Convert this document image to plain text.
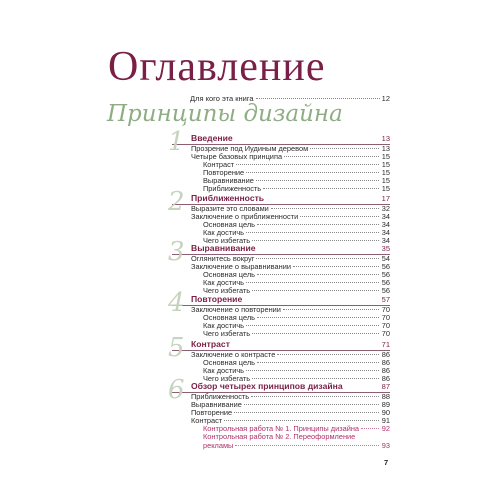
Оглавление
Для кого эта книга	12
Принципы дизайна
1 Введение	13
Прозрение под Иудиным деревом	13
Четыре базовых принципа	15
Контраст	15
Повторение	15
Выравнивание	15
Приближенность	15
2 Приближенность	17
Выразите это словами	32
Заключение о приближенности	34
Основная цель	34
Как достичь	34
Чего избегать	34
3 Выравнивание	35
Оглянитесь вокруг	54
Заключение о выравнивании	56
Основная цель	56
Как достичь	56
Чего избегать	56
4 Повторение	57
Заключение о повторении	70
Основная цель	70
Как достичь	70
Чего избегать	70
5 Контраст	71
Заключение о контрасте	86
Основная цель	86
Как достичь	86
Чего избегать	86
6 Обзор четырех принципов дизайна	87
Приближенность	88
Выравнивание	89
Повторение	90
Контраст	91
Контрольная работа № 1. Принципы дизайна	92
Контрольная работа № 2. Переоформление
рекламы	93
7
